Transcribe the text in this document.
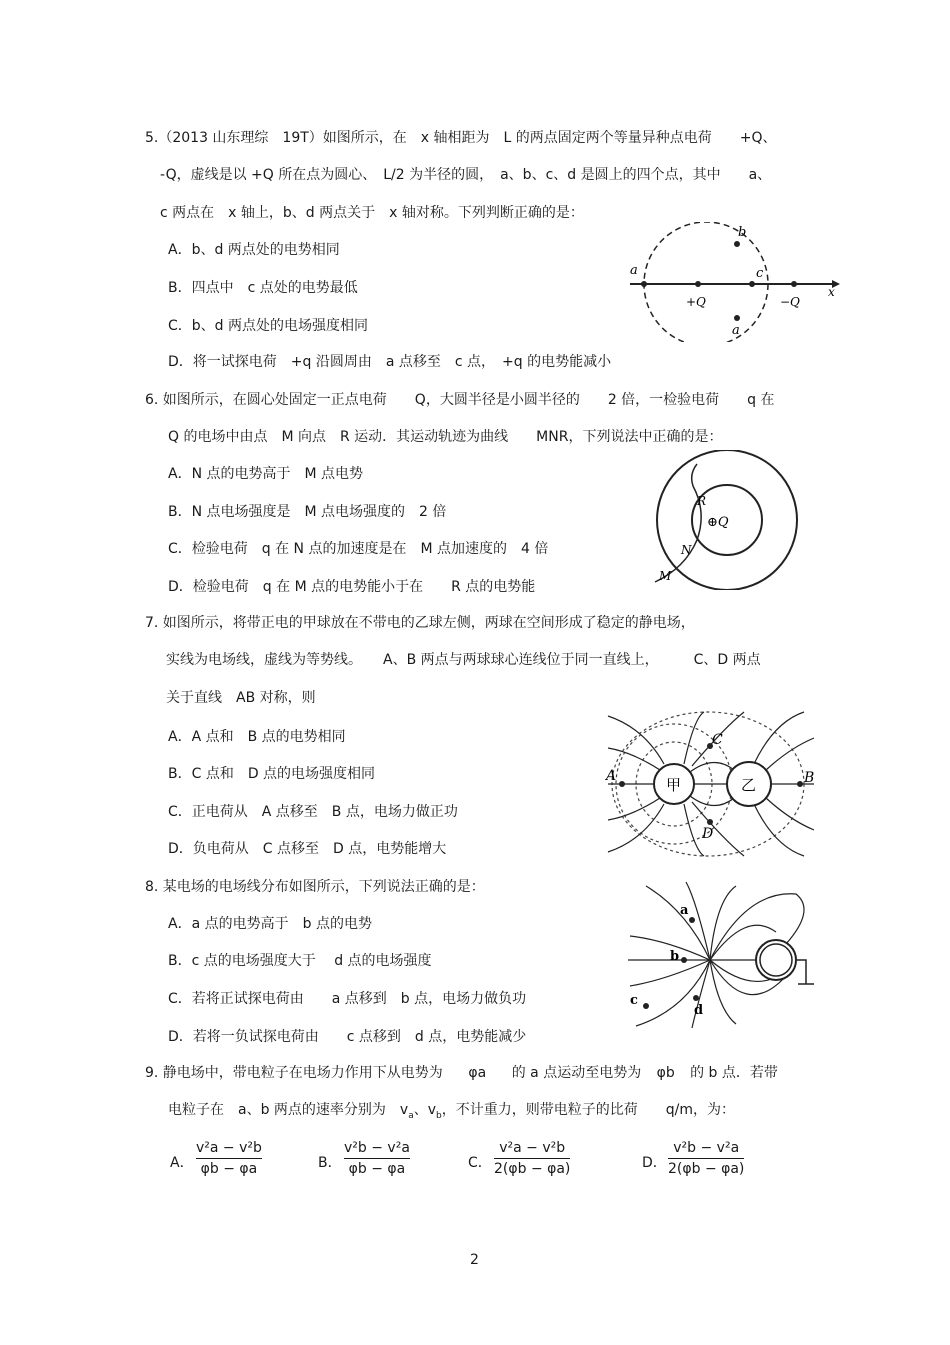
5.（2013 山东理综　19T）如图所示，在　x 轴相距为　L 的两点固定两个等量异种点电荷　　+Q、
-Q，虚线是以 +Q 所在点为圆心、　L/2 为半径的圆，　a、b、c、d 是圆上的四个点，其中　　a、
c 两点在　x 轴上，b、d 两点关于　x 轴对称。下列判断正确的是：
A．b、d 两点处的电势相同
B．四点中　c 点处的电势最低
C．b、d 两点处的电场强度相同
D．将一试探电荷　+q 沿圆周由　a 点移至　c 点，　+q 的电势能减小
a
b
c
a
+Q	−Q
x
6. 如图所示，在圆心处固定一正点电荷　　Q，大圆半径是小圆半径的　　2 倍，一检验电荷　　q 在
Q 的电场中由点　M 向点　R 运动．其运动轨迹为曲线　　MNR，下列说法中正确的是：
A．N 点的电势高于　M 点电势
B．N 点电场强度是　M 点电场强度的　2 倍
C．检验电荷　q 在 N 点的加速度是在　M 点加速度的　4 倍
D．检验电荷　q 在 M 点的电势能小于在　　R 点的电势能
R
⊕Q
N
M
7. 如图所示，将带正电的甲球放在不带电的乙球左侧，两球在空间形成了稳定的静电场，
实线为电场线，虚线为等势线。　　A、B 两点与两球球心连线位于同一直线上，　　　C、D 两点
关于直线　AB 对称，则
A．A 点和　B 点的电势相同
B．C 点和　D 点的电场强度相同
C．正电荷从　A 点移至　B 点，电场力做正功
D．负电荷从　C 点移至　D 点，电势能增大
甲	乙
A	B
C
D
8. 某电场的电场线分布如图所示，下列说法正确的是：
A．a 点的电势高于　b 点的电势
B．c 点的电场强度大于　 d 点的电场强度
C．若将正试探电荷由　　a 点移到　b 点，电场力做负功
D．若将一负试探电荷由　　c 点移到　d 点，电势能减少
a
b
c
d
9. 静电场中，带电粒子在电场力作用下从电势为 φa 的 a 点运动至电势为 φb 的 b 点．若带
电粒子在　a、b 两点的速率分别为　$v_a$、$v_b$，不计重力，则带电粒子的比荷　　q/m，为：
A．
v²a − v²b
φb − φa	B．
v²b − v²a
φb − φa	C．
v²a − v²b
2(φb − φa)	D．
v²b − v²a
2(φb − φa)
2
